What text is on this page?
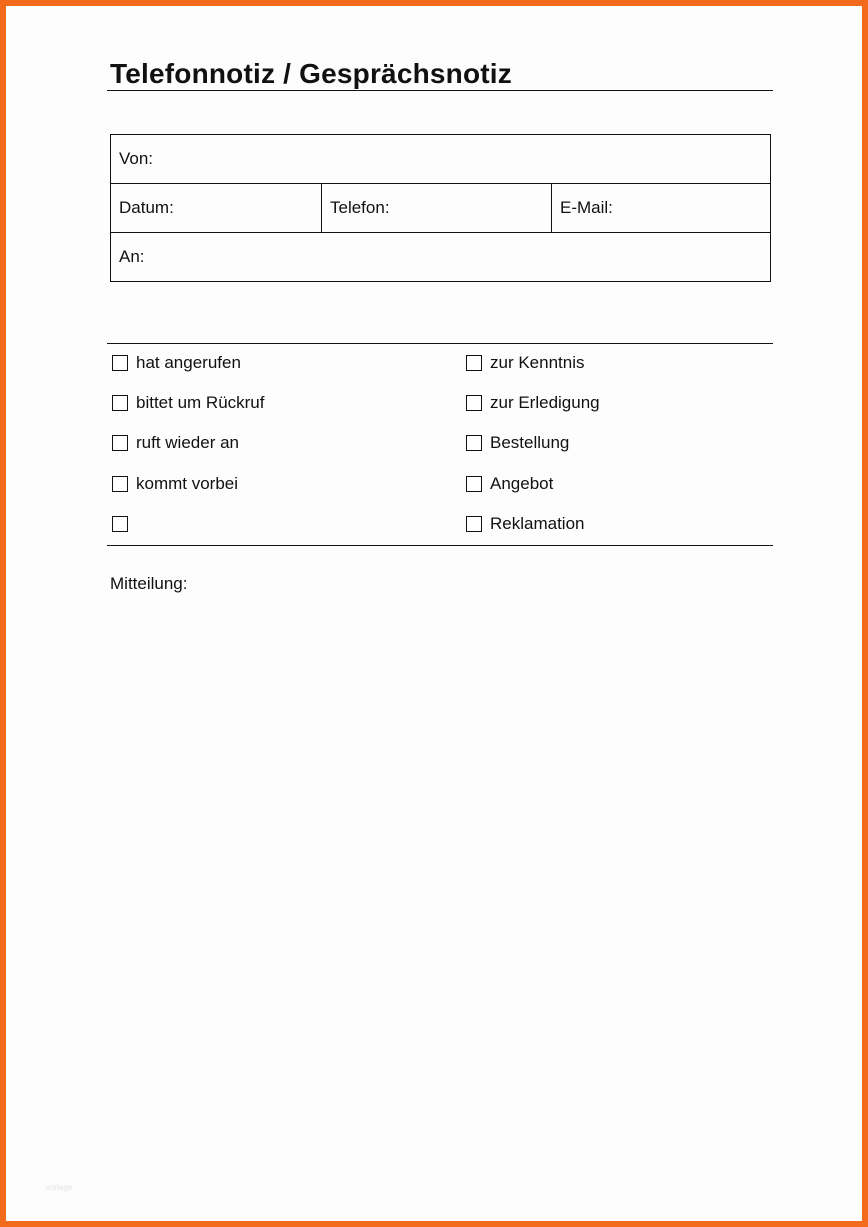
Telefonnotiz / Gesprächsnotiz
Von:
Datum:	Telefon:	E-Mail:
An:
hat angerufen
bittet um Rückruf
ruft wieder an
kommt vorbei
zur Kenntnis
zur Erledigung
Bestellung
Angebot
Reklamation
Mitteilung:
vorlage
